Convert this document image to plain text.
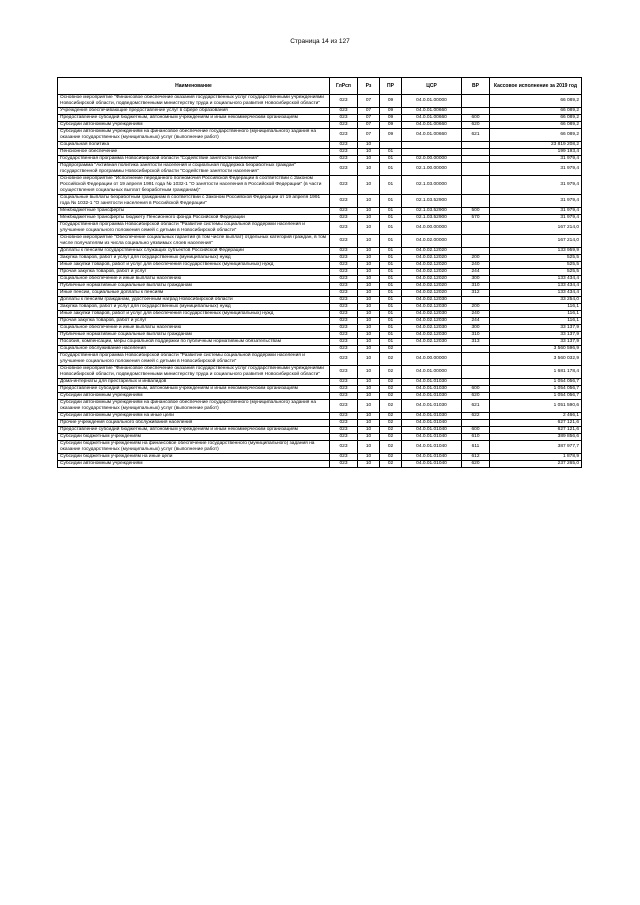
Страница 14 из 127
Наименование	ГлРсп	Рз	ПР	ЦСР	ВР	Кассовое исполнение за 2019 год
Основное мероприятие "Финансовое обеспечение оказания государственных услуг государственными учреждениями Новосибирской области, подведомственными министерству труда и социального развития Новосибирской области"	023	07	09	04.0.01.00000		66 089,2
Учреждения обеспечивающие предоставление услуг в сфере образования	023	07	09	04.0.01.00660		66 089,2
Предоставление субсидий бюджетным, автономным учреждениям и иным некоммерческим организациям	023	07	09	04.0.01.00660	600	66 089,2
Субсидии автономным учреждениям	023	07	09	04.0.01.00660	620	66 089,2
Субсидии автономным учреждениям на финансовое обеспечение государственного (муниципального) задания на оказание государственных (муниципальных) услуг (выполнение работ)	023	07	09	04.0.01.00660	621	66 089,2
Социальная политика	023	10				23 819 208,2
Пенсионное обеспечение	023	10	01			199 193,4
Государственная программа Новосибирской области "Содействие занятости населения"	023	10	01	02.0.00.00000		31 979,4
Подпрограмма "Активная политика занятости населения и социальная поддержка безработных граждан" государственной программы Новосибирской области "Содействие занятости населения"	023	10	01	02.1.00.00000		31 979,4
Основное мероприятие "Исполнение переданного полномочия Российской Федерации в соответствии с Законом Российской Федерации от 19 апреля 1991 года № 1032-1 "О занятости населения в Российской Федерации" (в части осуществления социальных выплат безработным гражданам)"	023	10	01	02.1.03.00000		31 979,4
Социальные выплаты безработным гражданам в соответствии с Законом Российской Федерации от 19 апреля 1991 года № 1032-1 "О занятости населения в Российской Федерации"	023	10	01	02.1.03.52900		31 979,4
Межбюджетные трансферты	023	10	01	02.1.03.52900	500	31 979,4
Межбюджетные трансферты бюджету Пенсионного фонда Российской Федерации	023	10	01	02.1.03.52900	570	31 979,4
Государственная программа Новосибирской области "Развитие системы социальной поддержки населения и улучшение социального положения семей с детьми в Новосибирской области"	023	10	01	04.0.00.00000		167 214,0
Основное мероприятие "Обеспечение социальных гарантий (в том числе выплат) отдельных категорий граждан, в том числе получателям из числа социально уязвимых слоев населения"	023	10	01	04.0.02.00000		167 214,0
Доплаты к пенсиям государственных служащих субъектов Российской Федерации	023	10	01	04.0.02.12020		133 959,9
Закупка товаров, работ и услуг для государственных (муниципальных) нужд	023	10	01	04.0.02.12020	200	525,5
Иные закупки товаров, работ и услуг для обеспечения государственных (муниципальных) нужд	023	10	01	04.0.02.12020	240	525,5
Прочая закупка товаров, работ и услуг	023	10	01	04.0.02.12020	244	525,5
Социальное обеспечение и иные выплаты населению	023	10	01	04.0.02.12020	300	133 434,4
Публичные нормативные социальные выплаты гражданам	023	10	01	04.0.02.12020	310	133 434,4
Иные пенсии, социальные доплаты к пенсиям	023	10	01	04.0.02.12020	312	133 434,4
Доплаты к пенсиям гражданам, удостоенным наград Новосибирской области	023	10	01	04.0.02.12030		33 254,0
Закупка товаров, работ и услуг для государственных (муниципальных) нужд	023	10	01	04.0.02.12030	200	116,1
Иные закупки товаров, работ и услуг для обеспечения государственных (муниципальных) нужд	023	10	01	04.0.02.12030	240	116,1
Прочая закупка товаров, работ и услуг	023	10	01	04.0.02.12030	244	116,1
Социальное обеспечение и иные выплаты населению	023	10	01	04.0.02.12030	300	33 137,9
Публичные нормативные социальные выплаты гражданам	023	10	01	04.0.02.12030	310	33 137,9
Пособия, компенсации, меры социальной поддержки по публичным нормативным обязательствам	023	10	01	04.0.02.12030	313	33 137,9
Социальное обслуживание населения	023	10	02			3 560 596,9
Государственная программа Новосибирской области "Развитие системы социальной поддержки населения и улучшение социального положения семей с детьми в Новосибирской области"	023	10	02	04.0.00.00000		3 560 032,9
Основное мероприятие "Финансовое обеспечение оказания государственных услуг государственными учреждениями Новосибирской области, подведомственными министерству труда и социального развития Новосибирской области"	023	10	02	04.0.01.00000		1 681 178,4
Дома-интернаты для престарелых и инвалидов	023	10	02	04.0.01.01030		1 054 056,7
Предоставление субсидий бюджетным, автономным учреждениям и иным некоммерческим организациям	023	10	02	04.0.01.01030	600	1 054 056,7
Субсидии автономным учреждениям	023	10	02	04.0.01.01030	620	1 054 056,7
Субсидии автономным учреждениям на финансовое обеспечение государственного (муниципального) задания на оказание государственных (муниципальных) услуг (выполнение работ)	023	10	02	04.0.01.01030	621	1 051 590,6
Субсидии автономным учреждениям на иные цели	023	10	02	04.0.01.01030	622	2 466,1
Прочие учреждения социального обслуживания населения	023	10	02	04.0.01.01040		627 121,6
Предоставление субсидий бюджетным, автономным учреждениям и иным некоммерческим организациям	023	10	02	04.0.01.01040	600	627 121,6
Субсидии бюджетным учреждениям	023	10	02	04.0.01.01040	610	389 856,6
Субсидии бюджетным учреждениям на финансовое обеспечение государственного (муниципального) задания на оказание государственных (муниципальных) услуг (выполнение работ)	023	10	02	04.0.01.01040	611	387 977,7
Субсидии бюджетным учреждениям на иные цели	023	10	02	04.0.01.01040	612	1 878,9
Субсидии автономным учреждениям	023	10	02	04.0.01.01040	620	237 265,0
